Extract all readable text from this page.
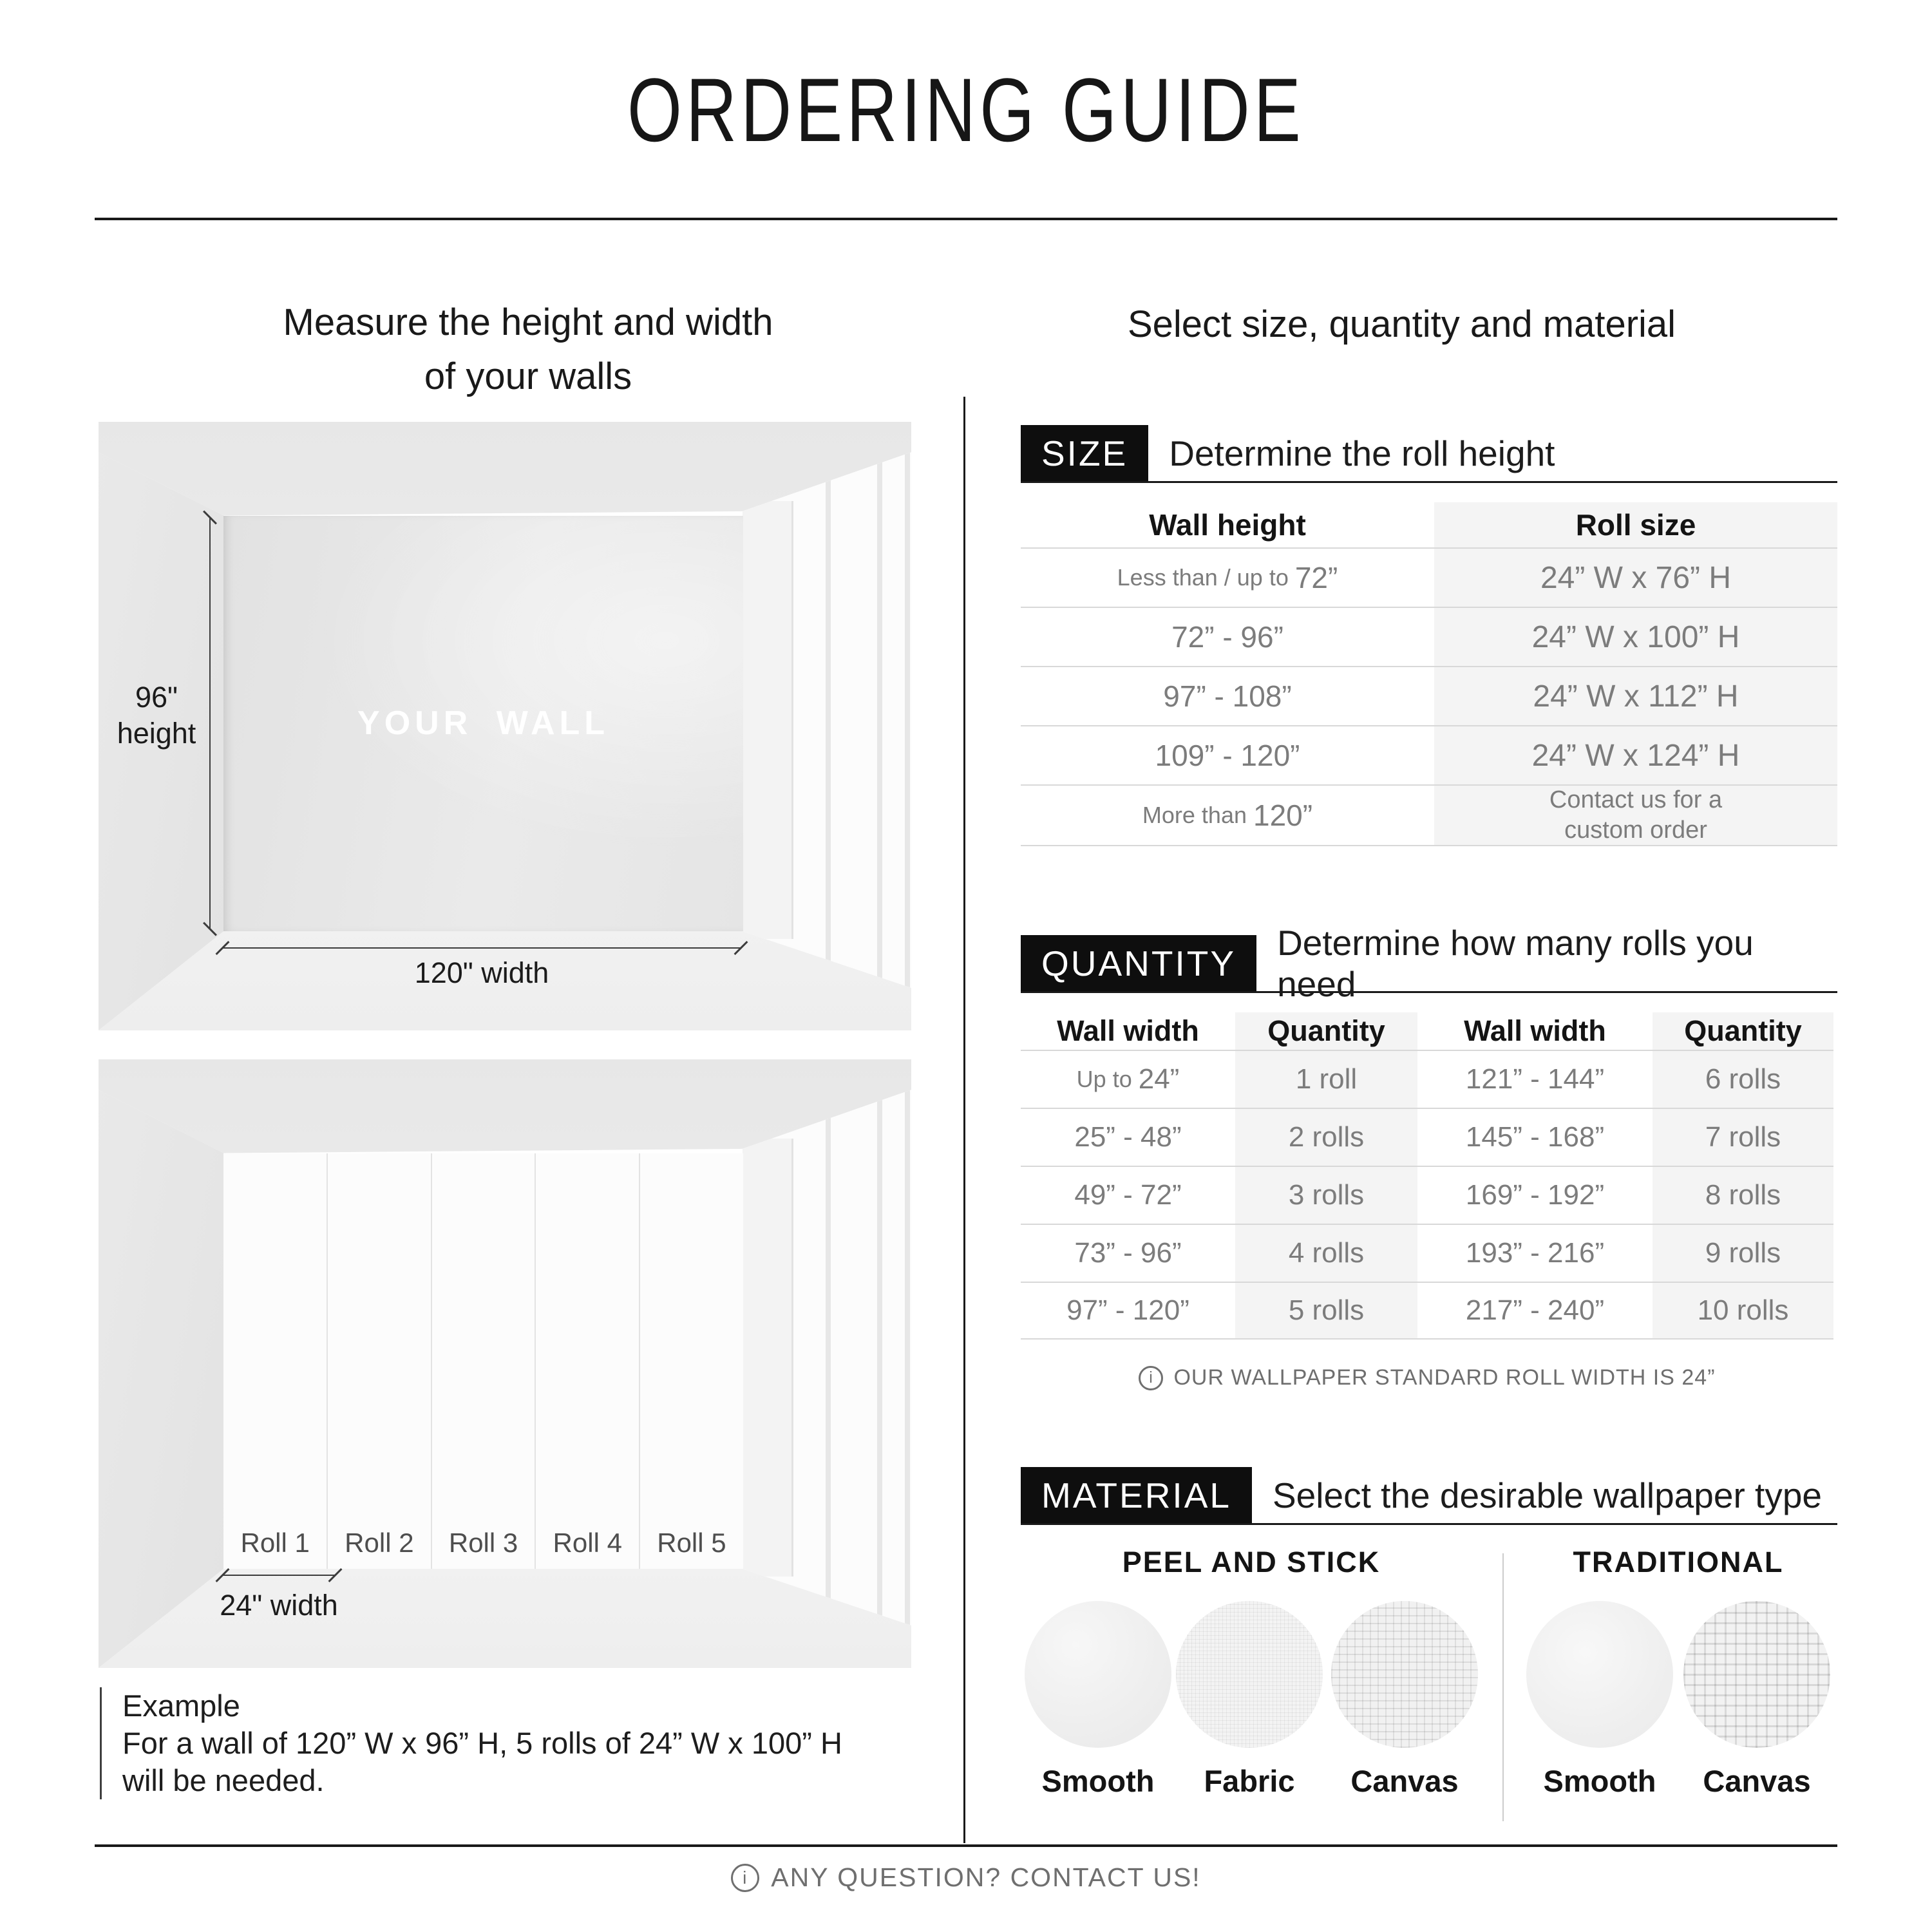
ORDERING GUIDE
Measure the height and width
of your walls
YOUR WALL
96"
height
120" width
Roll 1	Roll 2	Roll 3	Roll 4	Roll 5
24" width
Example
For a wall of 120” W x 96” H, 5 rolls of 24” W x 100” H
will be needed.
Select size, quantity and material
SIZE	Determine the roll height
Wall height	Roll size
Less than / up to 72”	24” W x 76” H
72” - 96”	24” W x 100” H
97” - 108”	24” W x 112” H
109” - 120”	24” W x 124” H
More than 120”	Contact us for a
custom order
QUANTITY
Determine how many rolls you need
Wall width	Quantity	Wall width	Quantity
Up to 24”	1 roll	121” - 144”	6 rolls
25” - 48”	2 rolls	145” - 168”	7 rolls
49” - 72”	3 rolls	169” - 192”	8 rolls
73” - 96”	4 rolls	193” - 216”	9 rolls
97” - 120”	5 rolls	217” - 240”	10 rolls
i
OUR WALLPAPER STANDARD ROLL WIDTH IS 24”
MATERIAL	Select the desirable wallpaper type
PEEL AND STICK	TRADITIONAL
Smooth	Fabric	Canvas	Smooth	Canvas
i
ANY QUESTION? CONTACT US!
